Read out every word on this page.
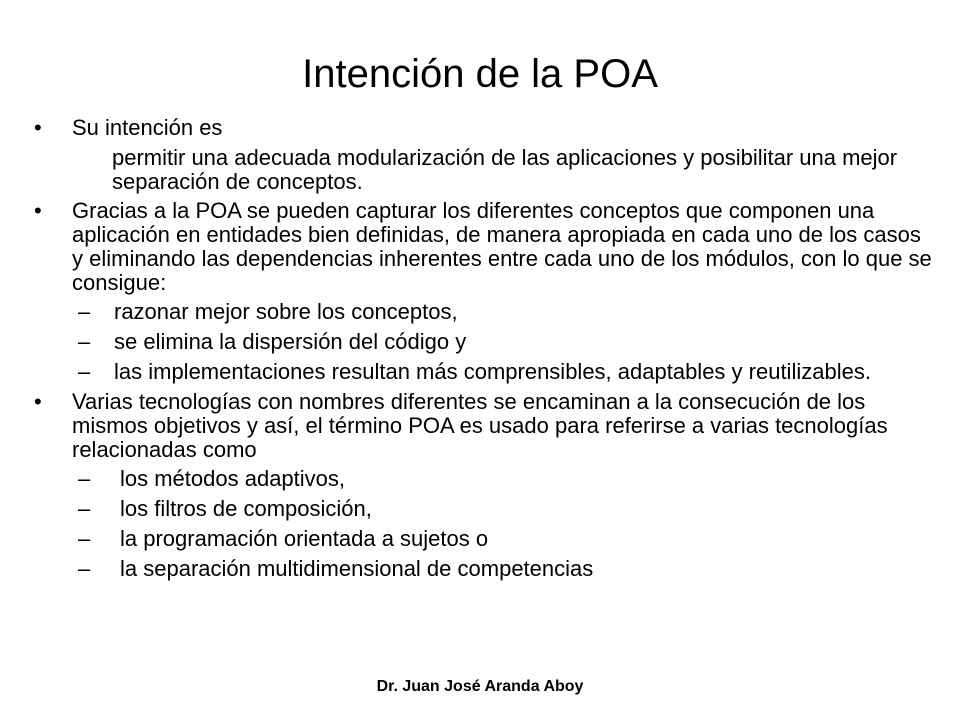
Intención de la POA
• Su intención es
permitir una adecuada modularización de las aplicaciones y posibilitar una mejor separación de conceptos.
• Gracias a la POA se pueden capturar los diferentes conceptos que componen una aplicación en entidades bien definidas, de manera apropiada en cada uno de los casos y eliminando las dependencias inherentes entre cada uno de los módulos, con lo que se consigue:
– razonar mejor sobre los conceptos,
– se elimina la dispersión del código y
– las implementaciones resultan más comprensibles, adaptables y reutilizables.
• Varias tecnologías con nombres diferentes se encaminan a la consecución de los mismos objetivos y así, el término POA es usado para referirse a varias tecnologías relacionadas como
– los métodos adaptivos,
– los filtros de composición,
– la programación orientada a sujetos o
– la separación multidimensional de competencias
Dr. Juan José Aranda Aboy
